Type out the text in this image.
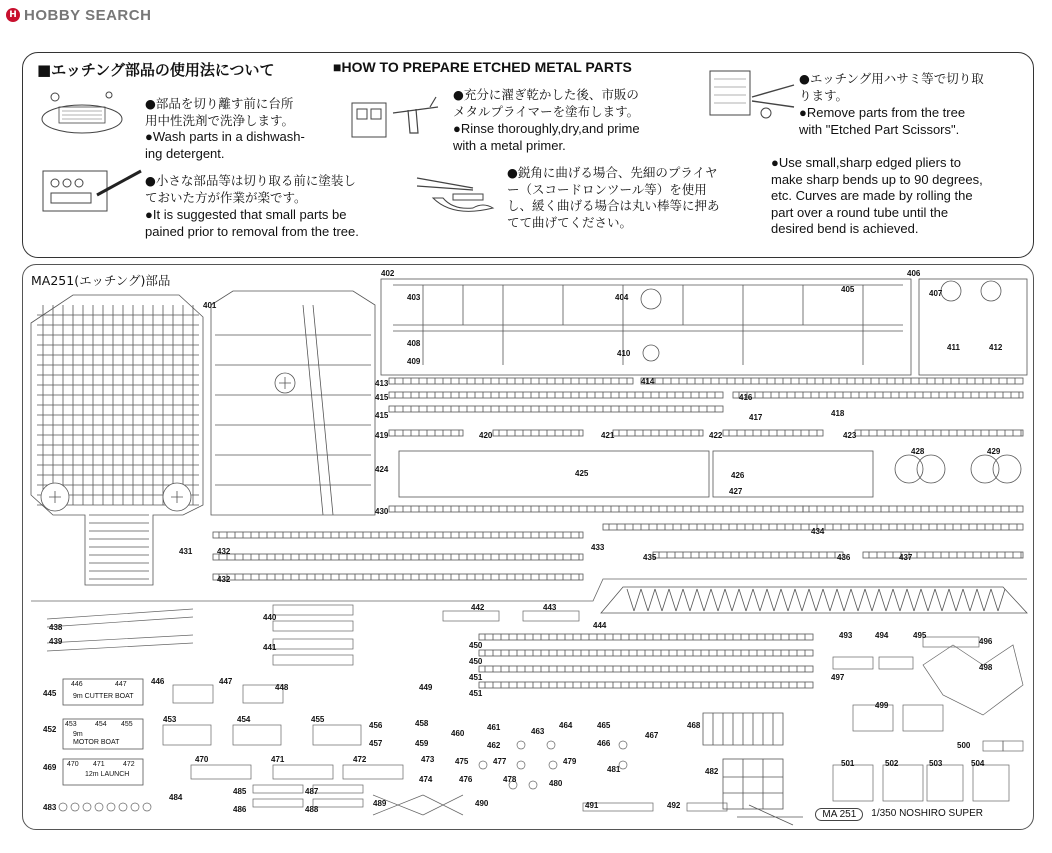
H HOBBY SEARCH
■エッチング部品の使用法について	■HOW TO PREPARE ETCHED METAL PARTS
●部品を切り離す前に台所
用中性洗剤で洗浄します。
●Wash parts in a dishwash-
ing detergent.
●充分に濯ぎ乾かした後、市販の
メタルプライマーを塗布します。
●Rinse thoroughly,dry,and prime
with a metal primer.
●エッチング用ハサミ等で切り取
ります。
●Remove parts from the tree
with "Etched Part Scissors".
●小さな部品等は切り取る前に塗装し
ておいた方が作業が楽です。
●It is suggested that small parts be
pained prior to removal from the tree.
●鋭角に曲げる場合、先細のプライヤ
ー（スコードロンツール等）を使用
し、緩く曲げる場合は丸い棒等に押あ
てて曲げてください。
●Use small,sharp edged pliers to
make sharp bends up to 90 degrees,
etc. Curves are made by rolling the
part over a round tube until the
desired bend is achieved.
MA251(エッチング)部品
401
402
403	404
405
406
407
408
409
410
411	412
413	414
415
415
416
417	418
419	420	421	422	423
424	425	426
427
428	429
430
431	432
432
433
434
435	436	437
438
439
440
441
442	443
444
445
446	447
448	449
450
450
451
451
452
453	454	455
456
457
458
459
460
461
462
463
464	465
466
467
468
469
470	471	472	473
474
475
476
477
478
479
480
481	482
483
484
485
486
487
488
489	490	491	492
493	494	495
496
497
498
499
500
501	502	503	504
446	447
9m CUTTER BOAT
453	454 455
9m
MOTOR BOAT
470 471	472
12m LAUNCH
MA 251	1/350 NOSHIRO SUPER
